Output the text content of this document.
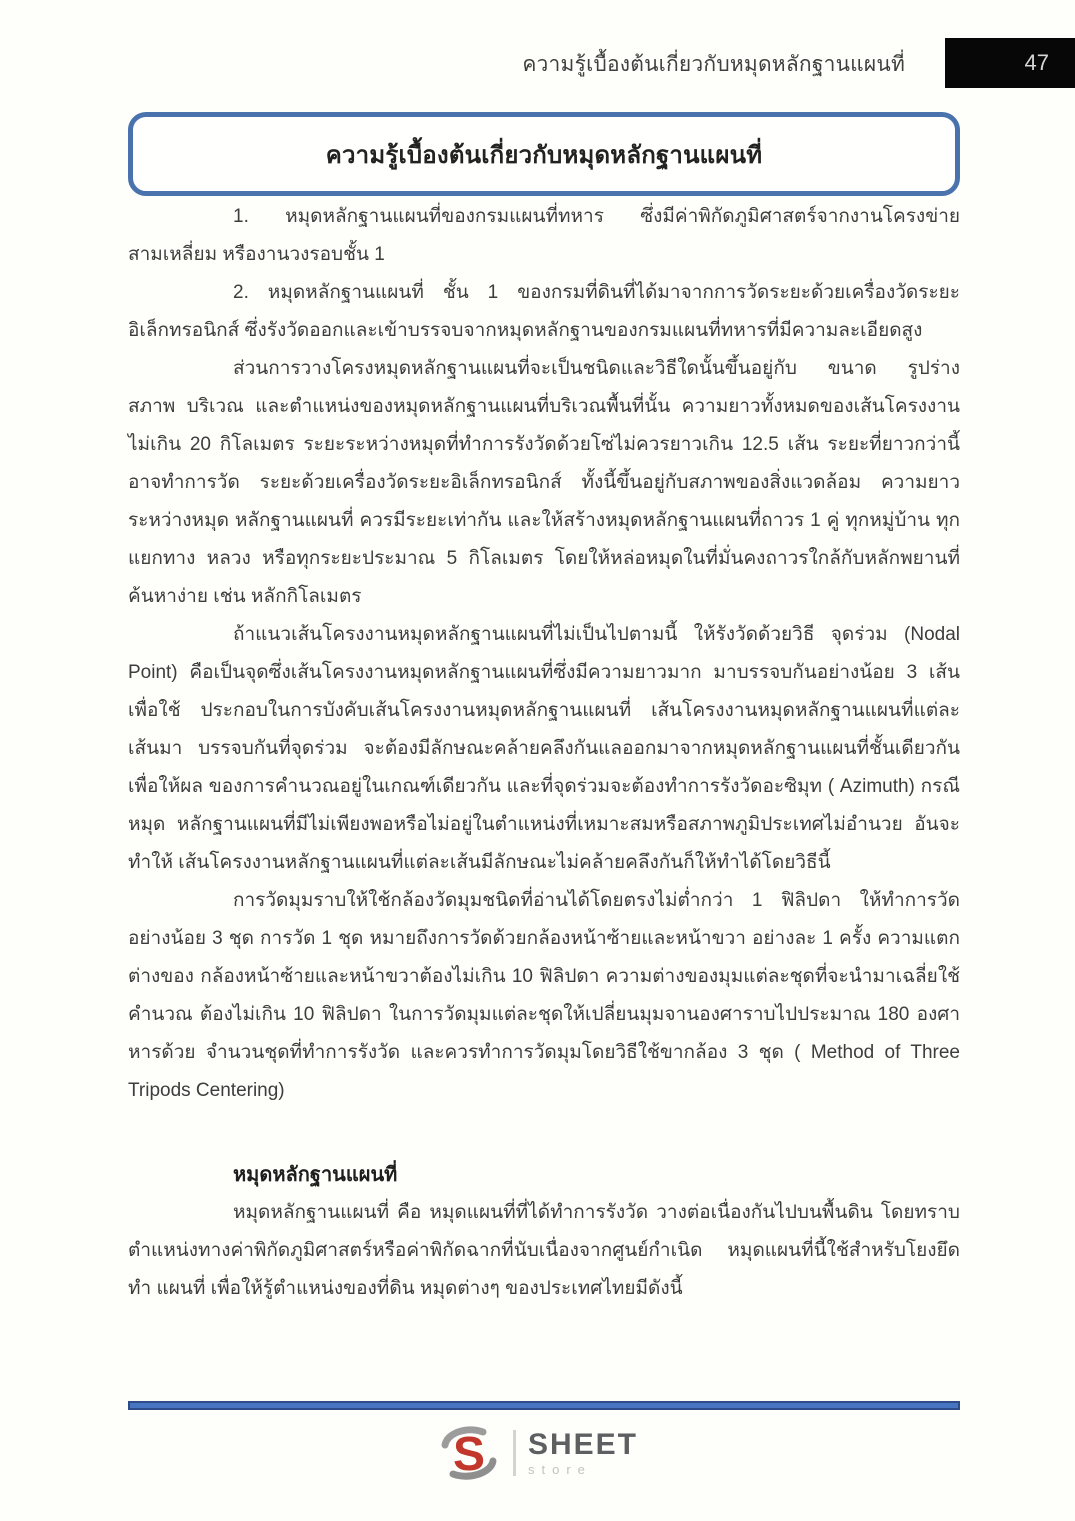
ความรู้เบื้องต้นเกี่ยวกับหมุดหลักฐานแผนที่	47
ความรู้เบื้องต้นเกี่ยวกับหมุดหลักฐานแผนที่

1. หมุดหลักฐานแผนที่ของกรมแผนที่ทหาร ซึ่งมีค่าพิกัดภูมิศาสตร์จากงานโครงข่ายสามเหลี่ยม หรืองานวงรอบชั้น 1

2. หมุดหลักฐานแผนที่ ชั้น 1 ของกรมที่ดินที่ได้มาจากการวัดระยะด้วยเครื่องวัดระยะ อิเล็กทรอนิกส์ ซึ่งรังวัดออกและเข้าบรรจบจากหมุดหลักฐานของกรมแผนที่ทหารที่มีความละเอียดสูง

ส่วนการวางโครงหมุดหลักฐานแผนที่จะเป็นชนิดและวิธีใดนั้นขึ้นอยู่กับ ขนาด รูปร่าง สภาพ บริเวณ และตำแหน่งของหมุดหลักฐานแผนที่บริเวณพื้นที่นั้น ความยาวทั้งหมดของเส้นโครงงานไม่เกิน 20 กิโลเมตร ระยะระหว่างหมุดที่ทำการรังวัดด้วยโซ่ไม่ควรยาวเกิน 12.5 เส้น ระยะที่ยาวกว่านี้อาจทำการวัด ระยะด้วยเครื่องวัดระยะอิเล็กทรอนิกส์ ทั้งนี้ขึ้นอยู่กับสภาพของสิ่งแวดล้อม ความยาวระหว่างหมุด หลักฐานแผนที่ ควรมีระยะเท่ากัน และให้สร้างหมุดหลักฐานแผนที่ถาวร 1 คู่ ทุกหมู่บ้าน ทุกแยกทาง หลวง หรือทุกระยะประมาณ 5 กิโลเมตร โดยให้หล่อหมุดในที่มั่นคงถาวรใกล้กับหลักพยานที่ค้นหาง่าย เช่น หลักกิโลเมตร

ถ้าแนวเส้นโครงงานหมุดหลักฐานแผนที่ไม่เป็นไปตามนี้ ให้รังวัดด้วยวิธี จุดร่วม (Nodal Point) คือเป็นจุดซึ่งเส้นโครงงานหมุดหลักฐานแผนที่ซึ่งมีความยาวมาก มาบรรจบกันอย่างน้อย 3 เส้น เพื่อใช้ ประกอบในการบังคับเส้นโครงงานหมุดหลักฐานแผนที่ เส้นโครงงานหมุดหลักฐานแผนที่แต่ละเส้นมา บรรจบกันที่จุดร่วม จะต้องมีลักษณะคล้ายคลึงกันแลออกมาจากหมุดหลักฐานแผนที่ชั้นเดียวกันเพื่อให้ผล ของการคำนวณอยู่ในเกณฑ์เดียวกัน และที่จุดร่วมจะต้องทำการรังวัดอะซิมุท ( Azimuth) กรณีหมุด หลักฐานแผนที่มีไม่เพียงพอหรือไม่อยู่ในตำแหน่งที่เหมาะสมหรือสภาพภูมิประเทศไม่อำนวย อันจะทำให้ เส้นโครงงานหลักฐานแผนที่แต่ละเส้นมีลักษณะไม่คล้ายคลึงกันก็ให้ทำได้โดยวิธีนี้

การวัดมุมราบให้ใช้กล้องวัดมุมชนิดที่อ่านได้โดยตรงไม่ต่ำกว่า 1 ฟิลิปดา ให้ทำการวัดอย่างน้อย 3 ชุด การวัด 1 ชุด หมายถึงการวัดด้วยกล้องหน้าซ้ายและหน้าขวา อย่างละ 1 ครั้ง ความแตกต่างของ กล้องหน้าซ้ายและหน้าขวาต้องไม่เกิน 10 ฟิลิปดา ความต่างของมุมแต่ละชุดที่จะนำมาเฉลี่ยใช้คำนวณ ต้องไม่เกิน 10 ฟิลิปดา ในการวัดมุมแต่ละชุดให้เปลี่ยนมุมจานองศาราบไปประมาณ 180 องศาหารด้วย จำนวนชุดที่ทำการรังวัด และควรทำการวัดมุมโดยวิธีใช้ขากล้อง 3 ชุด ( Method of Three Tripods Centering)

หมุดหลักฐานแผนที่

หมุดหลักฐานแผนที่ คือ หมุดแผนที่ที่ได้ทำการรังวัด วางต่อเนื่องกันไปบนพื้นดิน โดยทราบ ตำแหน่งทางค่าพิกัดภูมิศาสตร์หรือค่าพิกัดฉากที่นับเนื่องจากศูนย์กำเนิด หมุดแผนที่นี้ใช้สำหรับโยงยึดทำ แผนที่ เพื่อให้รู้ตำแหน่งของที่ดิน หมุดต่างๆ ของประเทศไทยมีดังนี้

S SHEET
store
